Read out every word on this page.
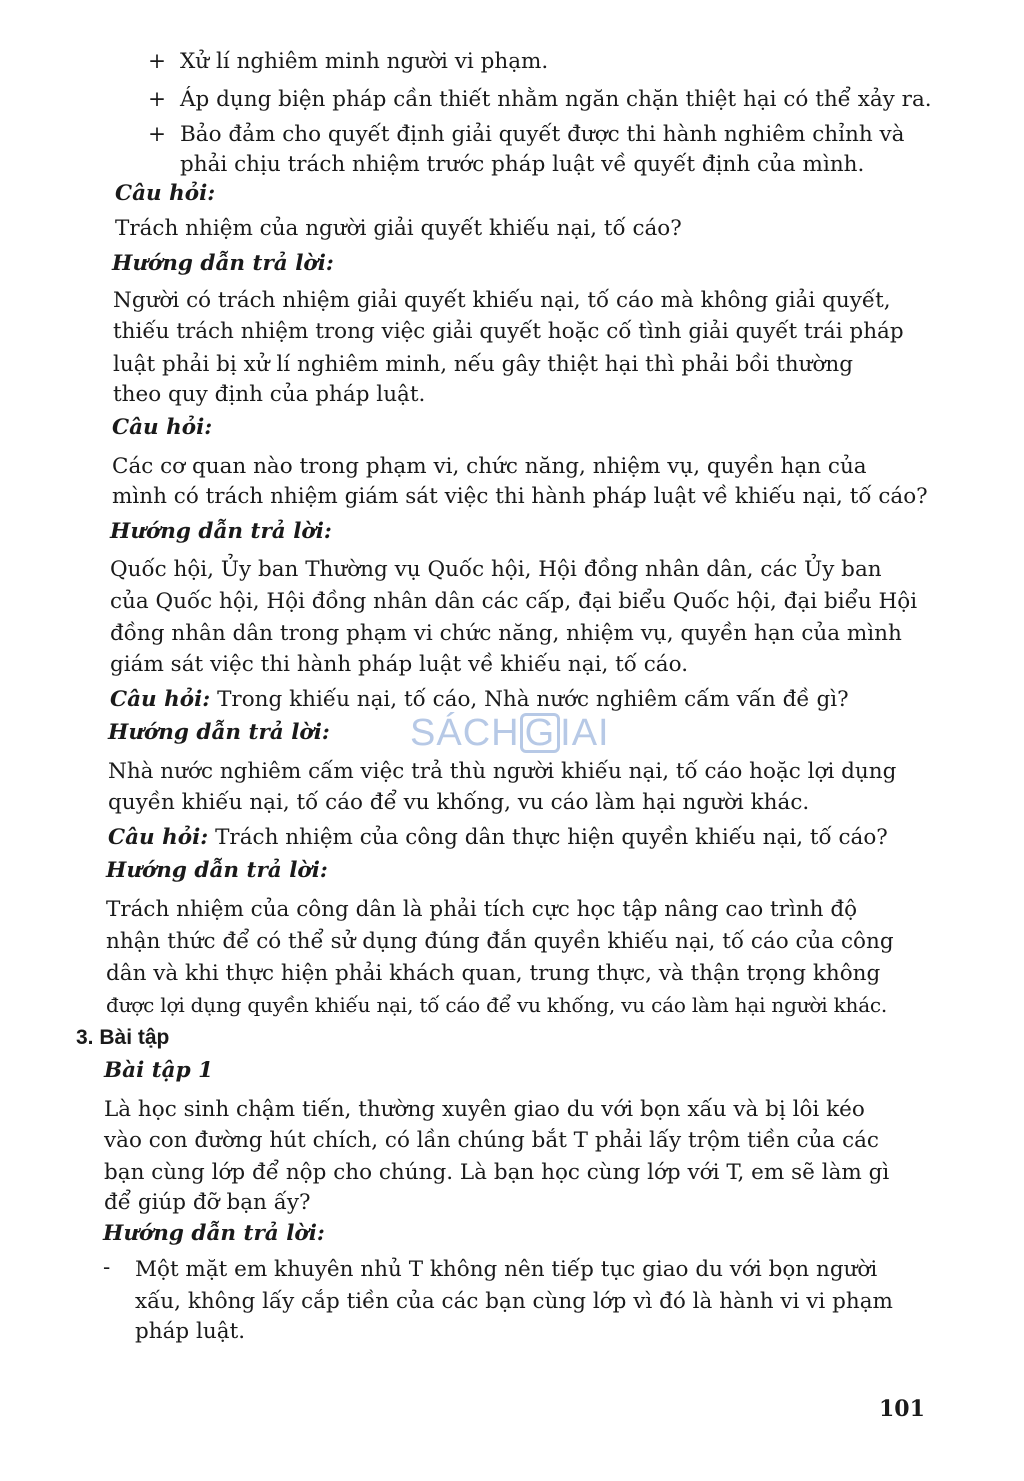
+ Xử lí nghiêm minh người vi phạm.
+ Áp dụng biện pháp cần thiết nhằm ngăn chặn thiệt hại có thể xảy ra.
+ Bảo đảm cho quyết định giải quyết được thi hành nghiêm chỉnh và
phải chịu trách nhiệm trước pháp luật về quyết định của mình.
Câu hỏi:
Trách nhiệm của người giải quyết khiếu nại, tố cáo?
Hướng dẫn trả lời:
Người có trách nhiệm giải quyết khiếu nại, tố cáo mà không giải quyết,
thiếu trách nhiệm trong việc giải quyết hoặc cố tình giải quyết trái pháp
luật phải bị xử lí nghiêm minh, nếu gây thiệt hại thì phải bồi thường
theo quy định của pháp luật.
Câu hỏi:
Các cơ quan nào trong phạm vi, chức năng, nhiệm vụ, quyền hạn của
mình có trách nhiệm giám sát việc thi hành pháp luật về khiếu nại, tố cáo?
Hướng dẫn trả lời:
Quốc hội, Ủy ban Thường vụ Quốc hội, Hội đồng nhân dân, các Ủy ban
của Quốc hội, Hội đồng nhân dân các cấp, đại biểu Quốc hội, đại biểu Hội
đồng nhân dân trong phạm vi chức năng, nhiệm vụ, quyền hạn của mình
giám sát việc thi hành pháp luật về khiếu nại, tố cáo.
Câu hỏi: Trong khiếu nại, tố cáo, Nhà nước nghiêm cấm vấn đề gì?
Hướng dẫn trả lời:
Nhà nước nghiêm cấm việc trả thù người khiếu nại, tố cáo hoặc lợi dụng
quyền khiếu nại, tố cáo để vu khống, vu cáo làm hại người khác.
Câu hỏi: Trách nhiệm của công dân thực hiện quyền khiếu nại, tố cáo?
Hướng dẫn trả lời:
Trách nhiệm của công dân là phải tích cực học tập nâng cao trình độ
nhận thức để có thể sử dụng đúng đắn quyền khiếu nại, tố cáo của công
dân và khi thực hiện phải khách quan, trung thực, và thận trọng không
được lợi dụng quyền khiếu nại, tố cáo để vu khống, vu cáo làm hại người khác.
3. Bài tập
Bài tập 1
Là học sinh chậm tiến, thường xuyên giao du với bọn xấu và bị lôi kéo
vào con đường hút chích, có lần chúng bắt T phải lấy trộm tiền của các
bạn cùng lớp để nộp cho chúng. Là bạn học cùng lớp với T, em sẽ làm gì
để giúp đỡ bạn ấy?
Hướng dẫn trả lời:
- Một mặt em khuyên nhủ T không nên tiếp tục giao du với bọn người
xấu, không lấy cắp tiền của các bạn cùng lớp vì đó là hành vi vi phạm
pháp luật.
SÁCH G IAI
101
